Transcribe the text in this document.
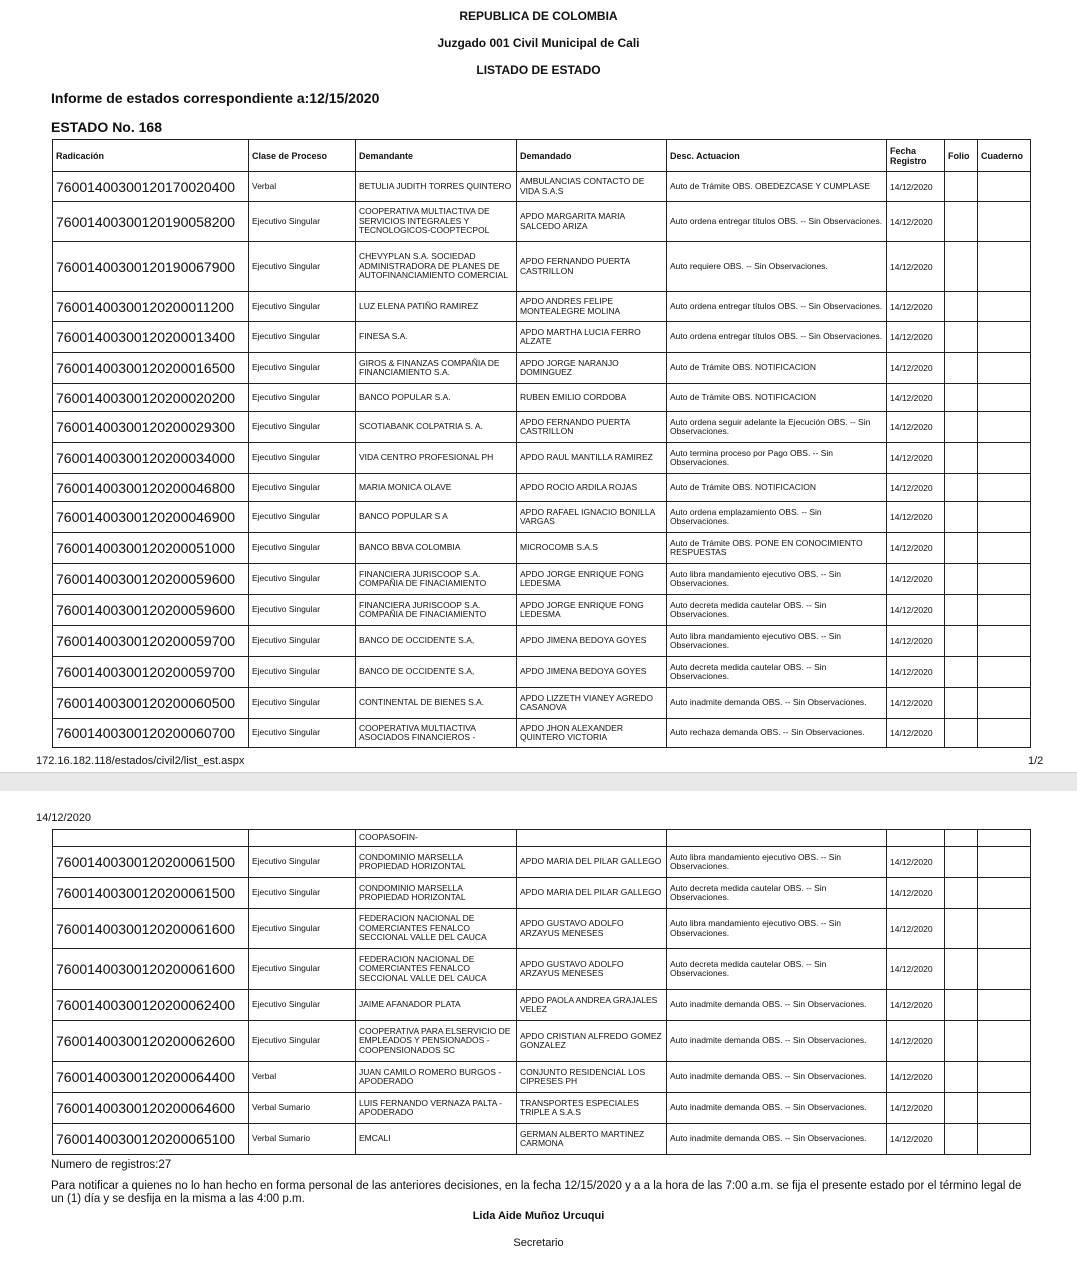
REPUBLICA DE COLOMBIA
Juzgado 001 Civil Municipal de Cali
LISTADO DE ESTADO
Informe de estados correspondiente a:12/15/2020
ESTADO No. 168
Radicación	Clase de Proceso	Demandante	Demandado	Desc. Actuacion	Fecha Registro	Folio	Cuaderno
76001400300120170020400	Verbal	BETULIA JUDITH TORRES QUINTERO	AMBULANCIAS CONTACTO DE VIDA S.A.S	Auto de Trámite OBS. OBEDEZCASE Y CUMPLASE	14/12/2020		
76001400300120190058200	Ejecutivo Singular	COOPERATIVA MULTIACTIVA DE SERVICIOS INTEGRALES Y TECNOLOGICOS-COOPTECPOL	APDO MARGARITA MARIA SALCEDO ARIZA	Auto ordena entregar títulos OBS. -- Sin Observaciones.	14/12/2020		
76001400300120190067900	Ejecutivo Singular	CHEVYPLAN S.A. SOCIEDAD ADMINISTRADORA DE PLANES DE AUTOFINANCIAMIENTO COMERCIAL	APDO FERNANDO PUERTA CASTRILLON	Auto requiere OBS. -- Sin Observaciones.	14/12/2020		
76001400300120200011200	Ejecutivo Singular	LUZ ELENA PATIÑO RAMIREZ	APDO ANDRES FELIPE MONTEALEGRE MOLINA	Auto ordena entregar títulos OBS. -- Sin Observaciones.	14/12/2020		
76001400300120200013400	Ejecutivo Singular	FINESA S.A.	APDO MARTHA LUCIA FERRO ALZATE	Auto ordena entregar títulos OBS. -- Sin Observaciones.	14/12/2020		
76001400300120200016500	Ejecutivo Singular	GIROS & FINANZAS COMPAÑIA DE FINANCIAMIENTO S.A.	APDO JORGE NARANJO DOMINGUEZ	Auto de Trámite OBS. NOTIFICACION	14/12/2020		
76001400300120200020200	Ejecutivo Singular	BANCO POPULAR S.A.	RUBEN EMILIO CORDOBA	Auto de Trámite OBS. NOTIFICACION	14/12/2020		
76001400300120200029300	Ejecutivo Singular	SCOTIABANK COLPATRIA S. A.	APDO FERNANDO PUERTA CASTRILLON	Auto ordena seguir adelante la Ejecución OBS. -- Sin Observaciones.	14/12/2020		
76001400300120200034000	Ejecutivo Singular	VIDA CENTRO PROFESIONAL PH	APDO RAUL MANTILLA RAMIREZ	Auto termina proceso por Pago OBS. -- Sin Observaciones.	14/12/2020		
76001400300120200046800	Ejecutivo Singular	MARIA MONICA OLAVE	APDO ROCIO ARDILA ROJAS	Auto de Trámite OBS. NOTIFICACION	14/12/2020		
76001400300120200046900	Ejecutivo Singular	BANCO POPULAR S A	APDO RAFAEL IGNACIO BONILLA VARGAS	Auto ordena emplazamiento OBS. -- Sin Observaciones.	14/12/2020		
76001400300120200051000	Ejecutivo Singular	BANCO BBVA COLOMBIA	MICROCOMB S.A.S	Auto de Trámite OBS. PONE EN CONOCIMIENTO RESPUESTAS	14/12/2020		
76001400300120200059600	Ejecutivo Singular	FINANCIERA JURISCOOP S.A. COMPAÑIA DE FINACIAMIENTO	APDO JORGE ENRIQUE FONG LEDESMA	Auto libra mandamiento ejecutivo OBS. -- Sin Observaciones.	14/12/2020		
76001400300120200059600	Ejecutivo Singular	FINANCIERA JURISCOOP S.A. COMPAÑIA DE FINACIAMIENTO	APDO JORGE ENRIQUE FONG LEDESMA	Auto decreta medida cautelar OBS. -- Sin Observaciones.	14/12/2020		
76001400300120200059700	Ejecutivo Singular	BANCO DE OCCIDENTE S.A,	APDO JIMENA BEDOYA GOYES	Auto libra mandamiento ejecutivo OBS. -- Sin Observaciones.	14/12/2020		
76001400300120200059700	Ejecutivo Singular	BANCO DE OCCIDENTE S.A,	APDO JIMENA BEDOYA GOYES	Auto decreta medida cautelar OBS. -- Sin Observaciones.	14/12/2020		
76001400300120200060500	Ejecutivo Singular	CONTINENTAL DE BIENES S.A.	APDO LIZZETH VIANEY AGREDO CASANOVA	Auto inadmite demanda OBS. -- Sin Observaciones.	14/12/2020		
76001400300120200060700	Ejecutivo Singular	COOPERATIVA MULTIACTIVA ASOCIADOS FINANCIEROS -	APDO JHON ALEXANDER QUINTERO VICTORIA	Auto rechaza demanda OBS. -- Sin Observaciones.	14/12/2020		
172.16.182.118/estados/civil2/list_est.aspx	1/2
14/12/2020
		COOPASOFIN-					
76001400300120200061500	Ejecutivo Singular	CONDOMINIO MARSELLA PROPIEDAD HORIZONTAL	APDO MARIA DEL PILAR GALLEGO	Auto libra mandamiento ejecutivo OBS. -- Sin Observaciones.	14/12/2020		
76001400300120200061500	Ejecutivo Singular	CONDOMINIO MARSELLA PROPIEDAD HORIZONTAL	APDO MARIA DEL PILAR GALLEGO	Auto decreta medida cautelar OBS. -- Sin Observaciones.	14/12/2020		
76001400300120200061600	Ejecutivo Singular	FEDERACION NACIONAL DE COMERCIANTES FENALCO SECCIONAL VALLE DEL CAUCA	APDO GUSTAVO ADOLFO ARZAYUS MENESES	Auto libra mandamiento ejecutivo OBS. -- Sin Observaciones.	14/12/2020		
76001400300120200061600	Ejecutivo Singular	FEDERACION NACIONAL DE COMERCIANTES FENALCO SECCIONAL VALLE DEL CAUCA	APDO GUSTAVO ADOLFO ARZAYUS MENESES	Auto decreta medida cautelar OBS. -- Sin Observaciones.	14/12/2020		
76001400300120200062400	Ejecutivo Singular	JAIME AFANADOR PLATA	APDO PAOLA ANDREA GRAJALES VELEZ	Auto inadmite demanda OBS. -- Sin Observaciones.	14/12/2020		
76001400300120200062600	Ejecutivo Singular	COOPERATIVA PARA ELSERVICIO DE EMPLEADOS Y PENSIONADOS -COOPENSIONADOS SC	APDO CRISTIAN ALFREDO GOMEZ GONZALEZ	Auto inadmite demanda OBS. -- Sin Observaciones.	14/12/2020		
76001400300120200064400	Verbal	JUAN CAMILO ROMERO BURGOS - APODERADO	CONJUNTO RESIDENCIAL LOS CIPRESES PH	Auto inadmite demanda OBS. -- Sin Observaciones.	14/12/2020		
76001400300120200064600	Verbal Sumario	LUIS FERNANDO VERNAZA PALTA - APODERADO	TRANSPORTES ESPECIALES TRIPLE A S.A.S	Auto inadmite demanda OBS. -- Sin Observaciones.	14/12/2020		
76001400300120200065100	Verbal Sumario	EMCALI	GERMAN ALBERTO MARTINEZ CARMONA	Auto inadmite demanda OBS. -- Sin Observaciones.	14/12/2020		
Numero de registros:27
Para notificar a quienes no lo han hecho en forma personal de las anteriores decisiones, en la fecha 12/15/2020 y a a la hora de las 7:00 a.m. se fija el presente estado por el término legal de un (1) día y se desfija en la misma a las 4:00 p.m.
Lida Aide Muñoz Urcuqui
Secretario
